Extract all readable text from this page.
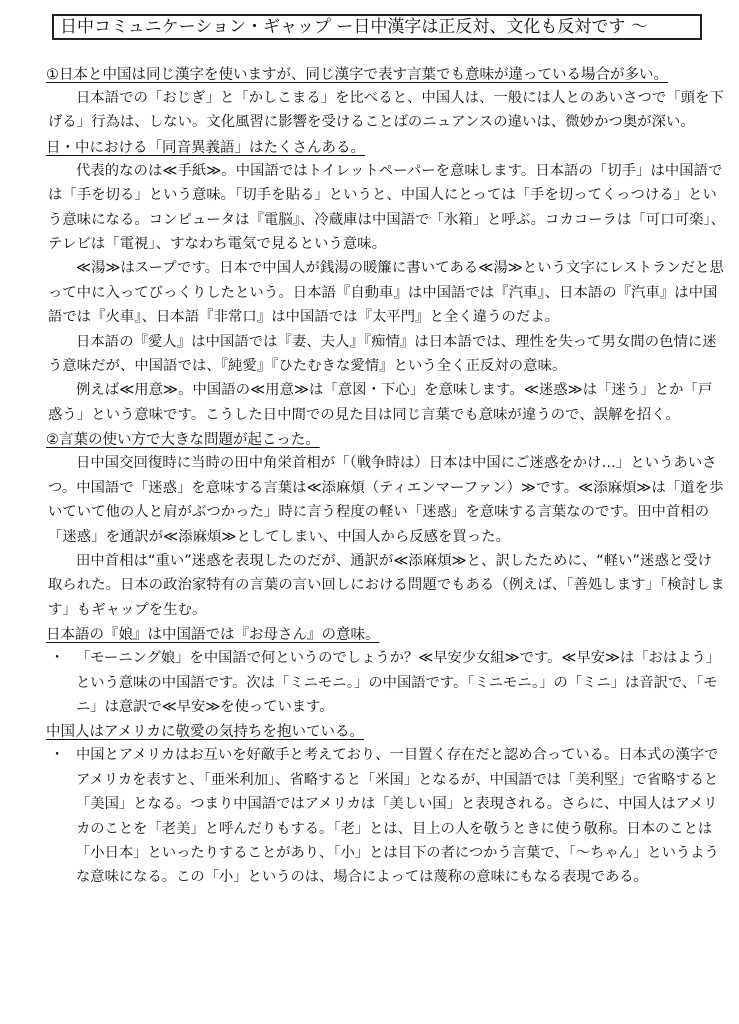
日中コミュニケーション・ギャップ ー日中漢字は正反対、文化も反対です 〜
①日本と中国は同じ漢字を使いますが、同じ漢字で表す言葉でも意味が違っている場合が多い。

日本語での「おじぎ」と「かしこまる」を比べると、中国人は、一般には人とのあいさつで「頭を下げる」行為は、しない。文化風習に影響を受けることばのニュアンスの違いは、微妙かつ奥が深い。

日・中における「同音異義語」はたくさんある。

代表的なのは≪手紙≫。中国語ではトイレットペーパーを意味します。日本語の「切手」は中国語では「手を切る」という意味。「切手を貼る」というと、中国人にとっては「手を切ってくっつける」という意味になる。コンピュータは『電脳』、冷蔵庫は中国語で「氷箱」と呼ぶ。コカコーラは「可口可楽」、テレビは「電視」、すなわち電気で見るという意味。

≪湯≫はスープです。日本で中国人が銭湯の暖簾に書いてある≪湯≫という文字にレストランだと思って中に入ってびっくりしたという。日本語『自動車』は中国語では『汽車』、日本語の『汽車』は中国語では『火車』、日本語『非常口』は中国語では『太平門』と全く違うのだよ。

日本語の『愛人』は中国語では『妻、夫人』『痴情』は日本語では、理性を失って男女間の色情に迷う意味だが、中国語では、『純愛』『ひたむきな愛情』という全く正反対の意味。

例えば≪用意≫。中国語の≪用意≫は「意図・下心」を意味します。≪迷惑≫は「迷う」とか「戸惑う」という意味です。こうした日中間での見た目は同じ言葉でも意味が違うので、誤解を招く。

②言葉の使い方で大きな問題が起こった。

日中国交回復時に当時の田中角栄首相が「（戦争時は）日本は中国にご迷惑をかけ…」というあいさつ。中国語で「迷惑」を意味する言葉は≪添麻煩（ティエンマーファン）≫です。≪添麻煩≫は「道を歩いていて他の人と肩がぶつかった」時に言う程度の軽い「迷惑」を意味する言葉なのです。田中首相の「迷惑」を通訳が≪添麻煩≫としてしまい、中国人から反感を買った。

田中首相は“重い”迷惑を表現したのだが、通訳が≪添麻煩≫と、訳したために、“軽い”迷惑と受け取られた。日本の政治家特有の言葉の言い回しにおける問題でもある（例えば、「善処します」「検討します」もギャップを生む。

日本語の『娘』は中国語では『お母さん』の意味。
・ 「モーニング娘」を中国語で何というのでしょうか？≪早安少女組≫です。≪早安≫は「おはよう」という意味の中国語です。次は「ミニモニ。」の中国語です。「ミニモニ。」の「ミニ」は音訳で、「モニ」は意訳で≪早安≫を使っています。
中国人はアメリカに敬愛の気持ちを抱いている。
・ 中国とアメリカはお互いを好敵手と考えており、一目置く存在だと認め合っている。日本式の漢字でアメリカを表すと、「亜米利加」、省略すると「米国」となるが、中国語では「美利堅」で省略すると「美国」となる。つまり中国語ではアメリカは「美しい国」と表現される。さらに、中国人はアメリカのことを「老美」と呼んだりもする。「老」とは、目上の人を敬うときに使う敬称。日本のことは「小日本」といったりすることがあり、「小」とは目下の者につかう言葉で、「〜ちゃん」というような意味になる。この「小」というのは、場合によっては蔑称の意味にもなる表現である。
